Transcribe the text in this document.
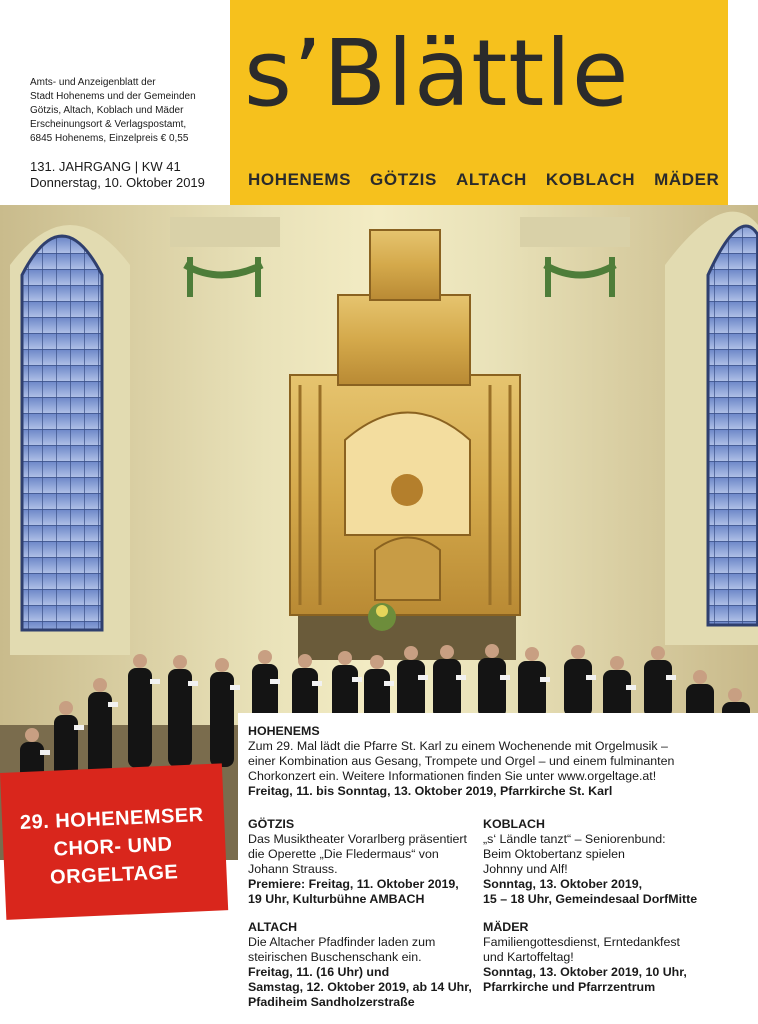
Amts- und Anzeigenblatt der
Stadt Hohenems und der Gemeinden
Götzis, Altach, Koblach und Mäder
Erscheinungsort & Verlagspostamt,
6845 Hohenems, Einzelpreis € 0,55
131. JAHRGANG | KW 41
Donnerstag, 10. Oktober 2019
s’Blättle
HOHENEMS GÖTZIS ALTACH KOBLACH MÄDER
29. HOHENEMSER
CHOR- UND
ORGELTAGE
HOHENEMS
Zum 29. Mal lädt die Pfarre St. Karl zu einem Wochenende mit Orgelmusik –
einer Kombination aus Gesang, Trompete und Orgel – und einem fulminanten
Chorkonzert ein. Weitere Informationen finden Sie unter www.orgeltage.at!
Freitag, 11. bis Sonntag, 13. Oktober 2019, Pfarrkirche St. Karl
GÖTZIS
Das Musiktheater Vorarlberg präsentiert
die Operette „Die Fledermaus“ von
Johann Strauss.
Premiere: Freitag, 11. Oktober 2019,
19 Uhr, Kulturbühne AMBACH
KOBLACH
„s‘ Ländle tanzt“ – Seniorenbund:
Beim Oktobertanz spielen
Johnny und Alf!
Sonntag, 13. Oktober 2019,
15 – 18 Uhr, Gemeindesaal DorfMitte
ALTACH
Die Altacher Pfadfinder laden zum
steirischen Buschenschank ein.
Freitag, 11. (16 Uhr) und
Samstag, 12. Oktober 2019, ab 14 Uhr,
Pfadiheim Sandholzerstraße
MÄDER
Familiengottesdienst, Erntedankfest
und Kartoffeltag!
Sonntag, 13. Oktober 2019, 10 Uhr,
Pfarrkirche und Pfarrzentrum
